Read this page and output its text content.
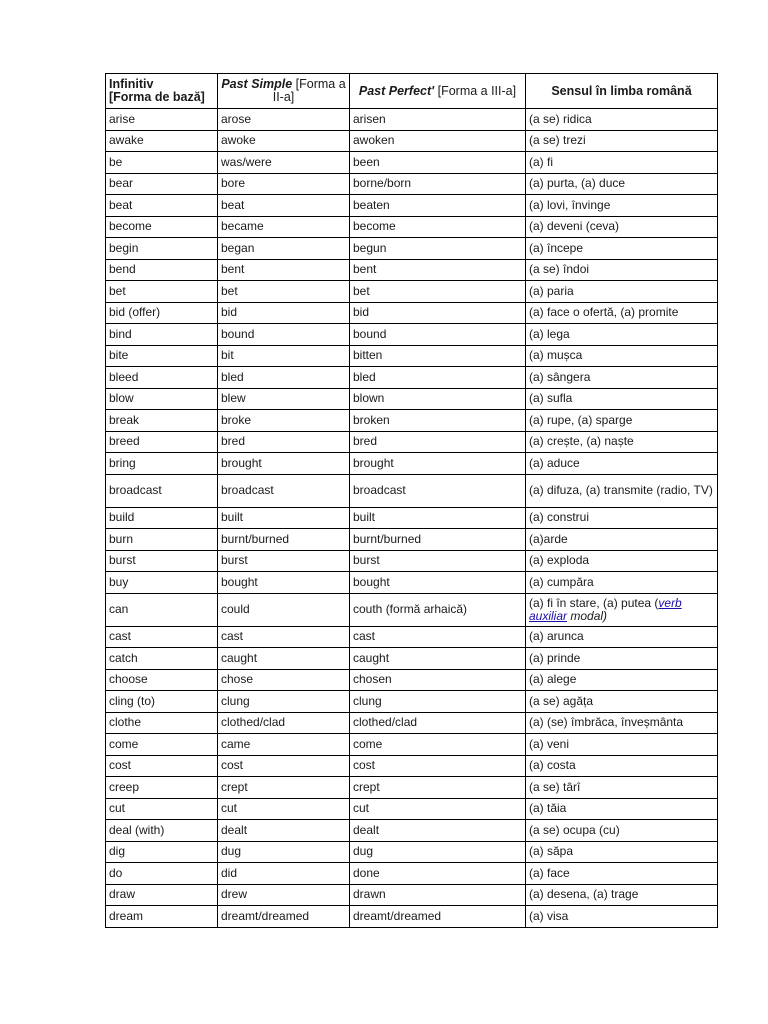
Infinitiv
[Forma de bază]	Past Simple [Forma a II-a]	Past Perfect' [Forma a III-a]	Sensul în limba română
arise	arose	arisen	(a se) ridica
awake	awoke	awoken	(a se) trezi
be	was/were	been	(a) fi
bear	bore	borne/born	(a) purta, (a) duce
beat	beat	beaten	(a) lovi, învinge
become	became	become	(a) deveni (ceva)
begin	began	begun	(a) începe
bend	bent	bent	(a se) îndoi
bet	bet	bet	(a) paria
bid (offer)	bid	bid	(a) face o ofertă, (a) promite
bind	bound	bound	(a) lega
bite	bit	bitten	(a) mușca
bleed	bled	bled	(a) sângera
blow	blew	blown	(a) sufla
break	broke	broken	(a) rupe, (a) sparge
breed	bred	bred	(a) crește, (a) naște
bring	brought	brought	(a) aduce
broadcast	broadcast	broadcast	(a) difuza, (a) transmite (radio, TV)
build	built	built	(a) construi
burn	burnt/burned	burnt/burned	(a)arde
burst	burst	burst	(a) exploda
buy	bought	bought	(a) cumpăra
can	could	couth (formă arhaică)	(a) fi în stare, (a) putea (verb auxiliar modal)
cast	cast	cast	(a) arunca
catch	caught	caught	(a) prinde
choose	chose	chosen	(a) alege
cling (to)	clung	clung	(a se) agăța
clothe	clothed/clad	clothed/clad	(a) (se) îmbrăca, înveșmânta
come	came	come	(a) veni
cost	cost	cost	(a) costa
creep	crept	crept	(a se) târî
cut	cut	cut	(a) tăia
deal (with)	dealt	dealt	(a se) ocupa (cu)
dig	dug	dug	(a) săpa
do	did	done	(a) face
draw	drew	drawn	(a) desena, (a) trage
dream	dreamt/dreamed	dreamt/dreamed	(a) visa
